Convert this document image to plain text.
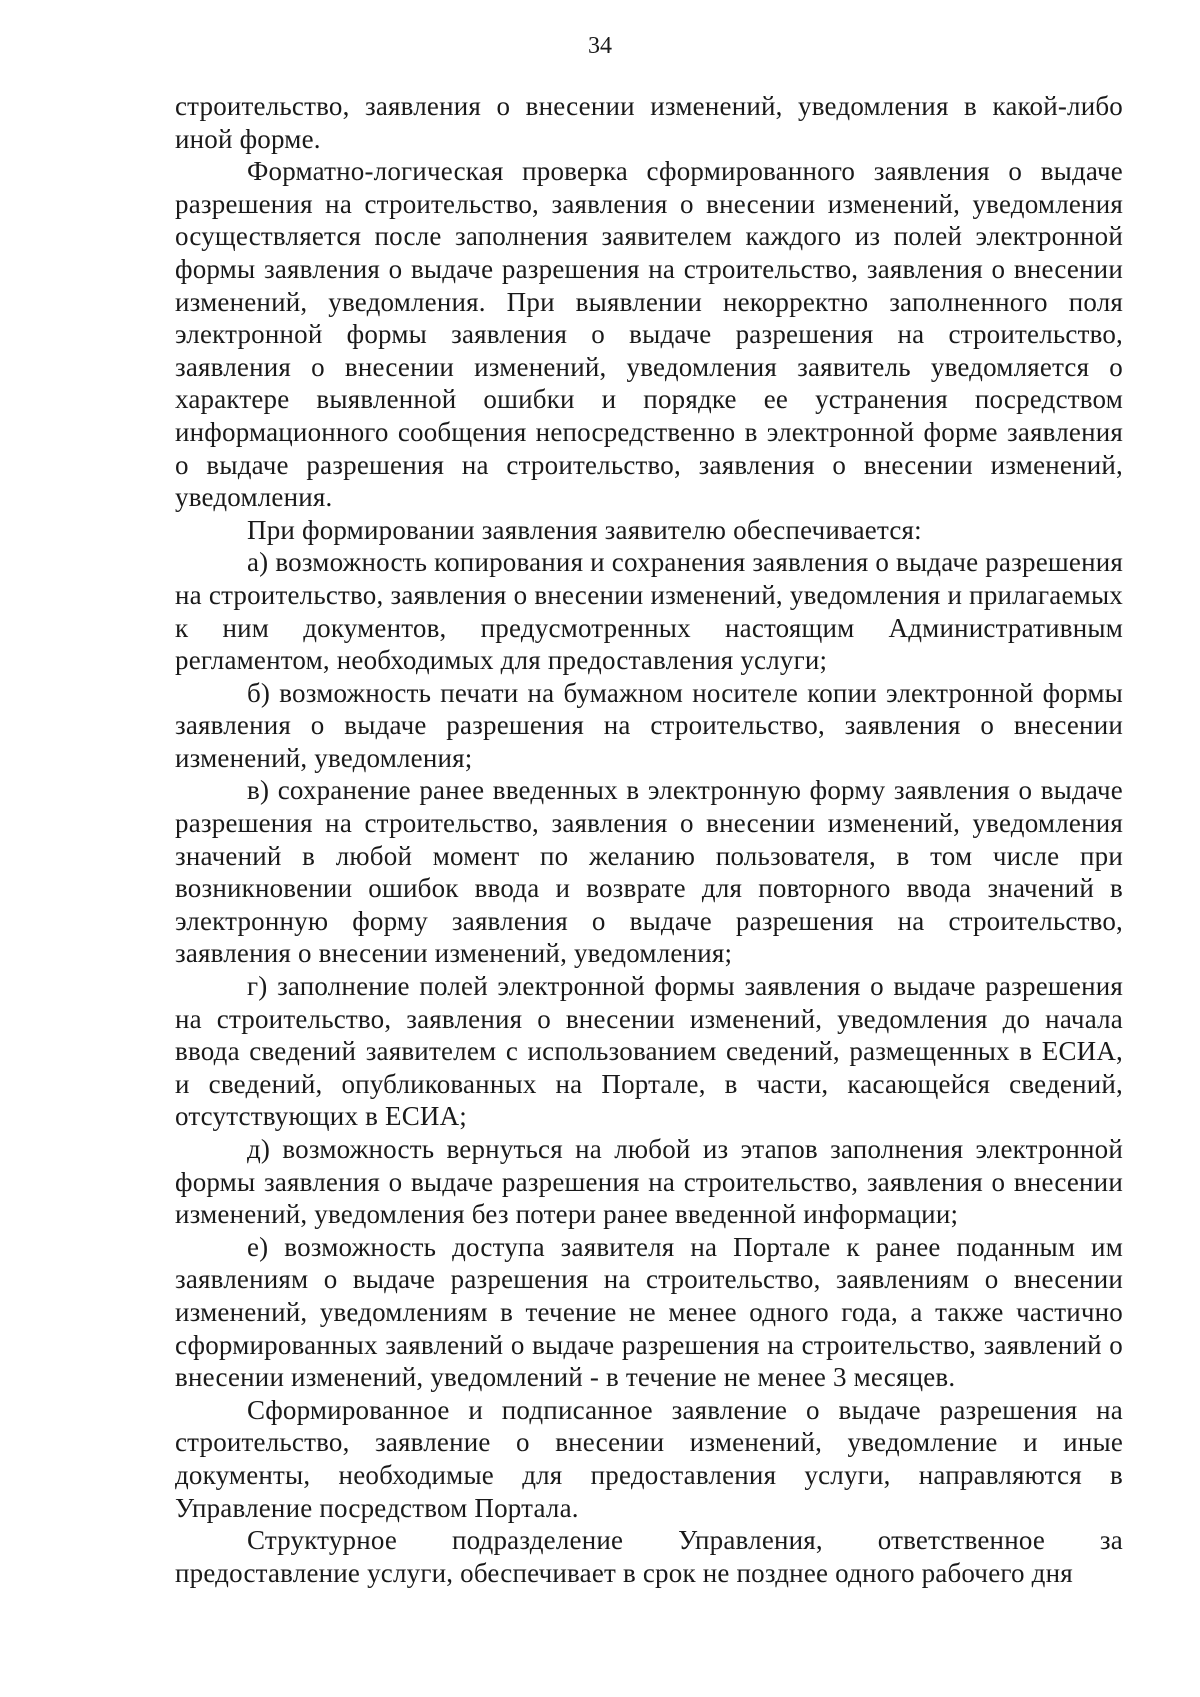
34

строительство, заявления о внесении изменений, уведомления в какой-либо иной форме.

Форматно-логическая проверка сформированного заявления о выдаче разрешения на строительство, заявления о внесении изменений, уведомления осуществляется после заполнения заявителем каждого из полей электронной формы заявления о выдаче разрешения на строительство, заявления о внесении изменений, уведомления. При выявлении некорректно заполненного поля электронной формы заявления о выдаче разрешения на строительство, заявления о внесении изменений, уведомления заявитель уведомляется о характере выявленной ошибки и порядке ее устранения посредством информационного сообщения непосредственно в электронной форме заявления о выдаче разрешения на строительство, заявления о внесении изменений, уведомления.

При формировании заявления заявителю обеспечивается:

а) возможность копирования и сохранения заявления о выдаче разрешения на строительство, заявления о внесении изменений, уведомления и прилагаемых к ним документов, предусмотренных настоящим Административным регламентом, необходимых для предоставления услуги;

б) возможность печати на бумажном носителе копии электронной формы заявления о выдаче разрешения на строительство, заявления о внесении изменений, уведомления;

в) сохранение ранее введенных в электронную форму заявления о выдаче разрешения на строительство, заявления о внесении изменений, уведомления значений в любой момент по желанию пользователя, в том числе при возникновении ошибок ввода и возврате для повторного ввода значений в электронную форму заявления о выдаче разрешения на строительство, заявления о внесении изменений, уведомления;

г) заполнение полей электронной формы заявления о выдаче разрешения на строительство, заявления о внесении изменений, уведомления до начала ввода сведений заявителем с использованием сведений, размещенных в ЕСИА, и сведений, опубликованных на Портале, в части, касающейся сведений, отсутствующих в ЕСИА;

д) возможность вернуться на любой из этапов заполнения электронной формы заявления о выдаче разрешения на строительство, заявления о внесении изменений, уведомления без потери ранее введенной информации;

е) возможность доступа заявителя на Портале к ранее поданным им заявлениям о выдаче разрешения на строительство, заявлениям о внесении изменений, уведомлениям в течение не менее одного года, а также частично сформированных заявлений о выдаче разрешения на строительство, заявлений о внесении изменений, уведомлений - в течение не менее 3 месяцев.

Сформированное и подписанное заявление о выдаче разрешения на строительство, заявление о внесении изменений, уведомление и иные документы, необходимые для предоставления услуги, направляются в Управление посредством Портала.

Структурное подразделение Управления, ответственное за предоставление услуги, обеспечивает в срок не позднее одного рабочего дня
